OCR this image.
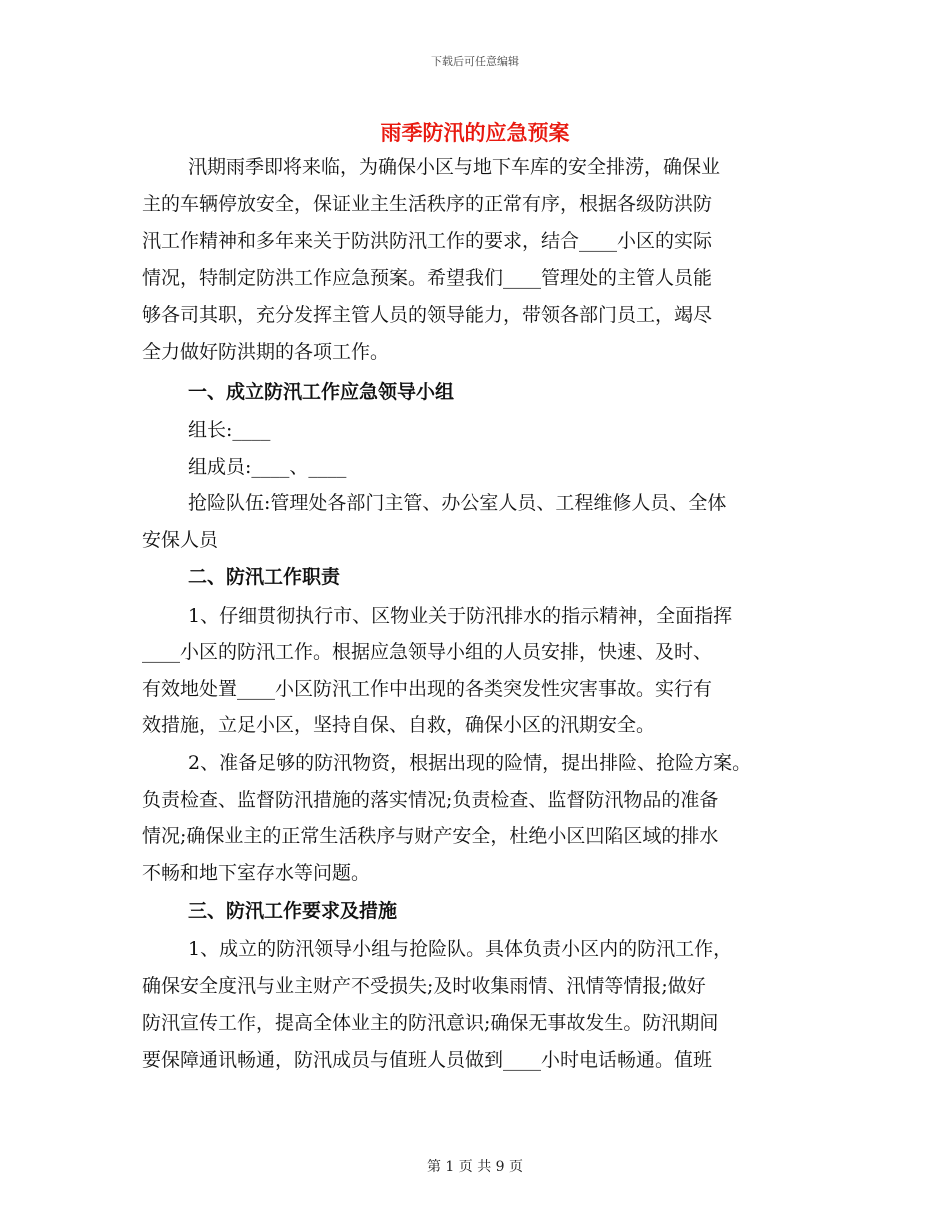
下载后可任意编辑
雨季防汛的应急预案
汛期雨季即将来临，为确保小区与地下车库的安全排涝，确保业
主的车辆停放安全，保证业主生活秩序的正常有序，根据各级防洪防
汛工作精神和多年来关于防洪防汛工作的要求，结合____小区的实际
情况，特制定防洪工作应急预案。希望我们____管理处的主管人员能
够各司其职，充分发挥主管人员的领导能力，带领各部门员工，竭尽
全力做好防洪期的各项工作。
一、成立防汛工作应急领导小组
组长:____
组成员:____、____
抢险队伍:管理处各部门主管、办公室人员、工程维修人员、全体
安保人员
二、防汛工作职责
1、仔细贯彻执行市、区物业关于防汛排水的指示精神，全面指挥
____小区的防汛工作。根据应急领导小组的人员安排，快速、及时、
有效地处置____小区防汛工作中出现的各类突发性灾害事故。实行有
效措施，立足小区，坚持自保、自救，确保小区的汛期安全。
2、准备足够的防汛物资，根据出现的险情，提出排险、抢险方案。
负责检查、监督防汛措施的落实情况;负责检查、监督防汛物品的准备
情况;确保业主的正常生活秩序与财产安全，杜绝小区凹陷区域的排水
不畅和地下室存水等问题。
三、防汛工作要求及措施
1、成立的防汛领导小组与抢险队。具体负责小区内的防汛工作，
确保安全度汛与业主财产不受损失;及时收集雨情、汛情等情报;做好
防汛宣传工作，提高全体业主的防汛意识;确保无事故发生。防汛期间
要保障通讯畅通，防汛成员与值班人员做到____小时电话畅通。值班
第 1 页 共 9 页
